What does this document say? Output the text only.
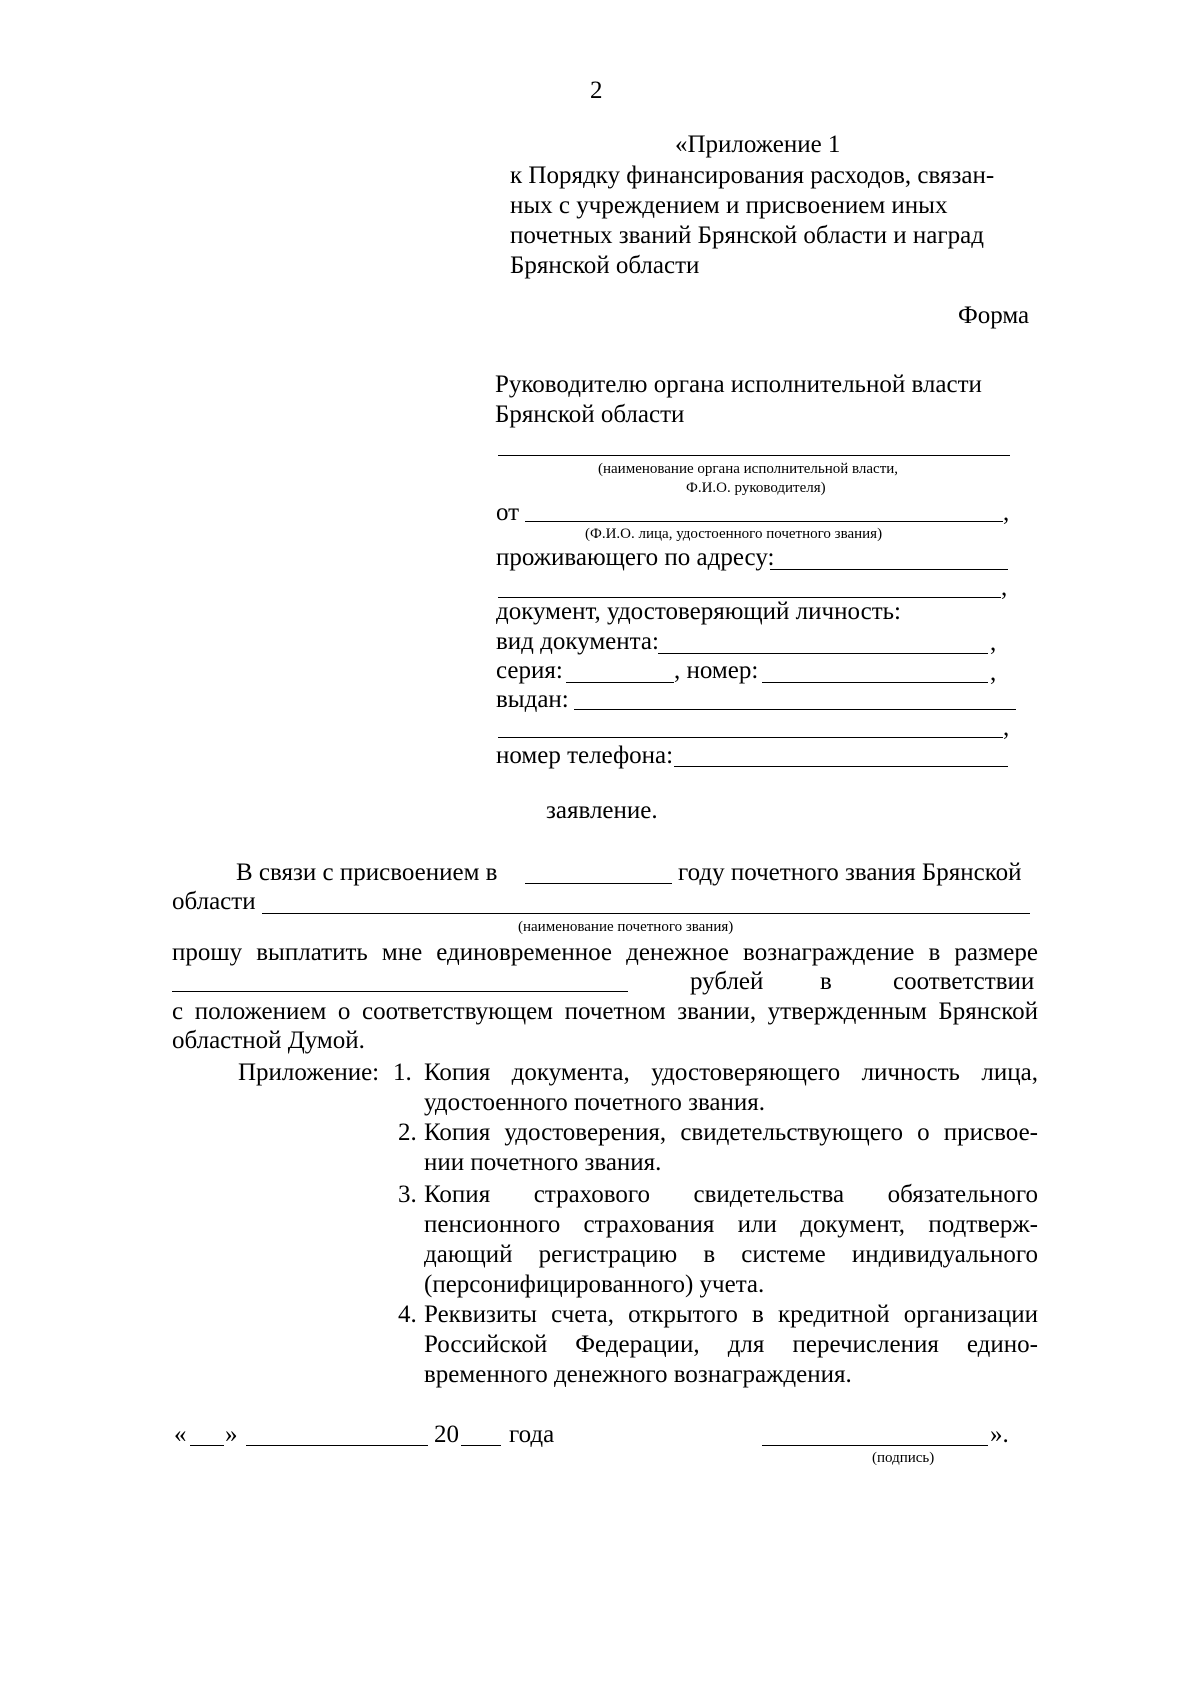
2
«Приложение 1
к Порядку финансирования расходов, связан-
ных с учреждением и присвоением иных
почетных званий Брянской области и наград
Брянской области
Форма
Руководителю органа исполнительной власти
Брянской области
(наименование органа исполнительной власти,
Ф.И.О. руководителя)
от	,
(Ф.И.О. лица, удостоенного почетного звания)
проживающего по адресу:
,
документ, удостоверяющий личность:
вид документа:	,
серия:	, номер:	,
выдан:
,
номер телефона:
заявление.
В связи с присвоением в	году почетного звания Брянской
области
(наименование почетного звания)
прошу выплатить мне единовременное денежное вознаграждение в размере
рублей в соответствии
с положением о соответствующем почетном звании, утвержденным Брянской
областной Думой.
Приложение: 1. Копия документа, удостоверяющего личность лица,
удостоенного почетного звания.
2. Копия удостоверения, свидетельствующего о присвое-
нии почетного звания.
3. Копия страхового свидетельства обязательного
пенсионного страхования или документ, подтверж-
дающий регистрацию в системе индивидуального
(персонифицированного) учета.
4. Реквизиты счета, открытого в кредитной организации
Российской Федерации, для перечисления едино-
временного денежного вознаграждения.
« »	20 года	».
(подпись)
